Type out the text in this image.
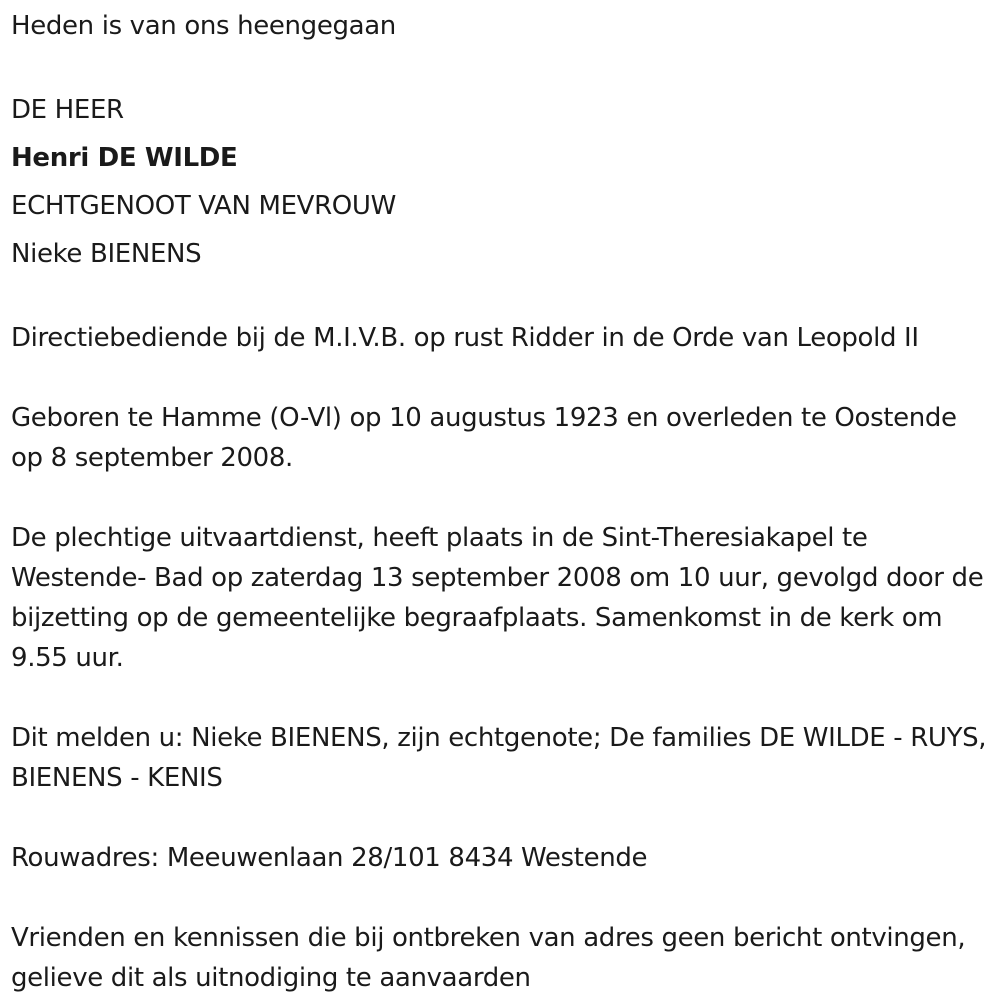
Heden is van ons heengegaan

DE HEER

Henri DE WILDE

ECHTGENOOT VAN MEVROUW

Nieke BIENENS

Directiebediende bij de M.I.V.B. op rust Ridder in de Orde van Leopold II

Geboren te Hamme (O-Vl) op 10 augustus 1923 en overleden te Oostende op 8 september 2008.

De plechtige uitvaartdienst, heeft plaats in de Sint-Theresiakapel te Westende- Bad op zaterdag 13 september 2008 om 10 uur, gevolgd door de bijzetting op de gemeentelijke begraafplaats. Samenkomst in de kerk om 9.55 uur.

Dit melden u: Nieke BIENENS, zijn echtgenote; De families DE WILDE - RUYS, BIENENS - KENIS

Rouwadres: Meeuwenlaan 28/101 8434 Westende

Vrienden en kennissen die bij ontbreken van adres geen bericht ontvingen, gelieve dit als uitnodiging te aanvaarden
